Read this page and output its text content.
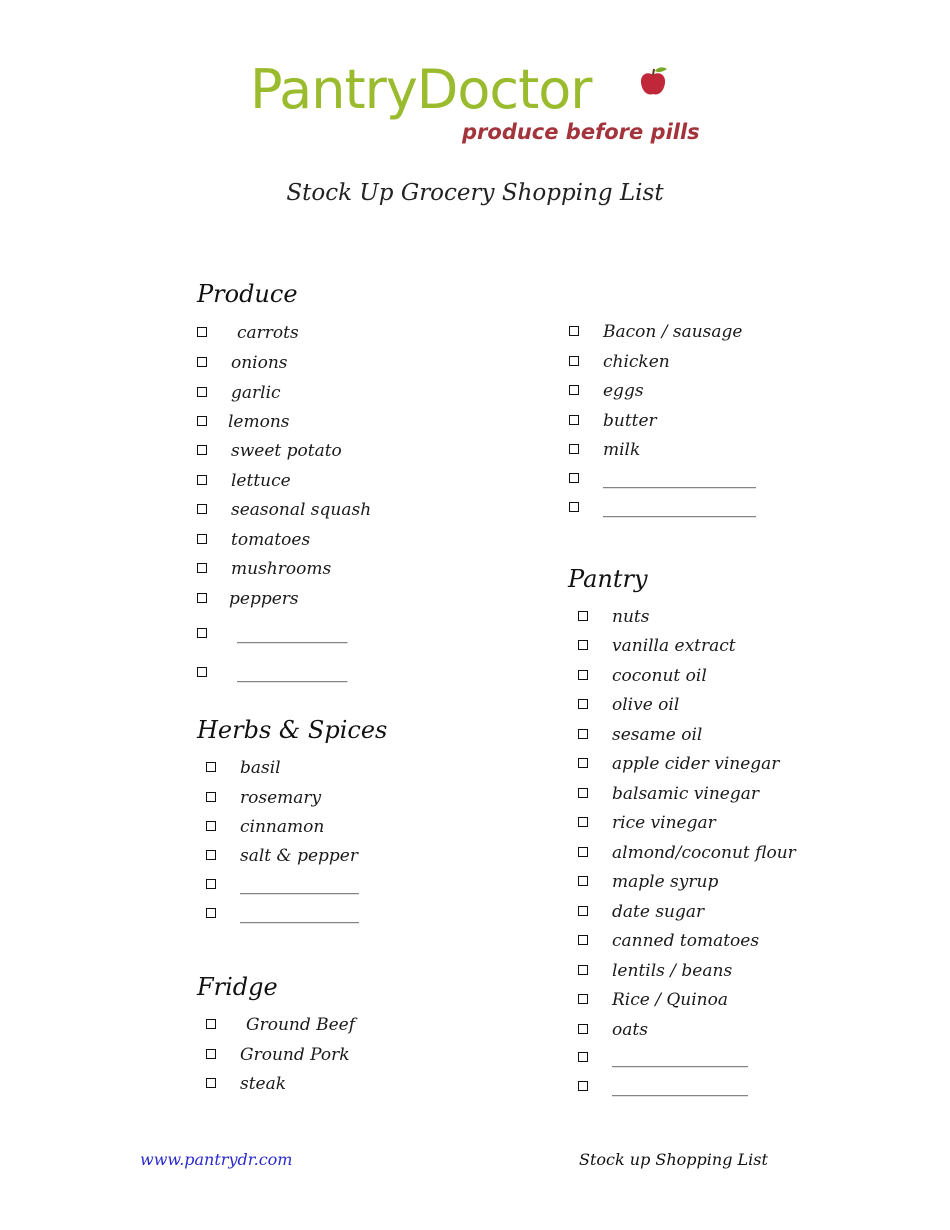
PantryDoctor
produce before pills
Stock Up Grocery Shopping List
Produce
carrots
onions
garlic
lemons
sweet potato
lettuce
seasonal squash
tomatoes
mushrooms
peppers
_____________
_____________
Herbs & Spices
basil
rosemary
cinnamon
salt & pepper
______________
______________
Fridge
Ground Beef
Ground Pork
steak
Bacon / sausage
chicken
eggs
butter
milk
__________________
__________________
Pantry
nuts
vanilla extract
coconut oil
olive oil
sesame oil
apple cider vinegar
balsamic vinegar
rice vinegar
almond/coconut flour
maple syrup
date sugar
canned tomatoes
lentils / beans
Rice / Quinoa
oats
________________
________________
www.pantrydr.com	Stock up Shopping List
